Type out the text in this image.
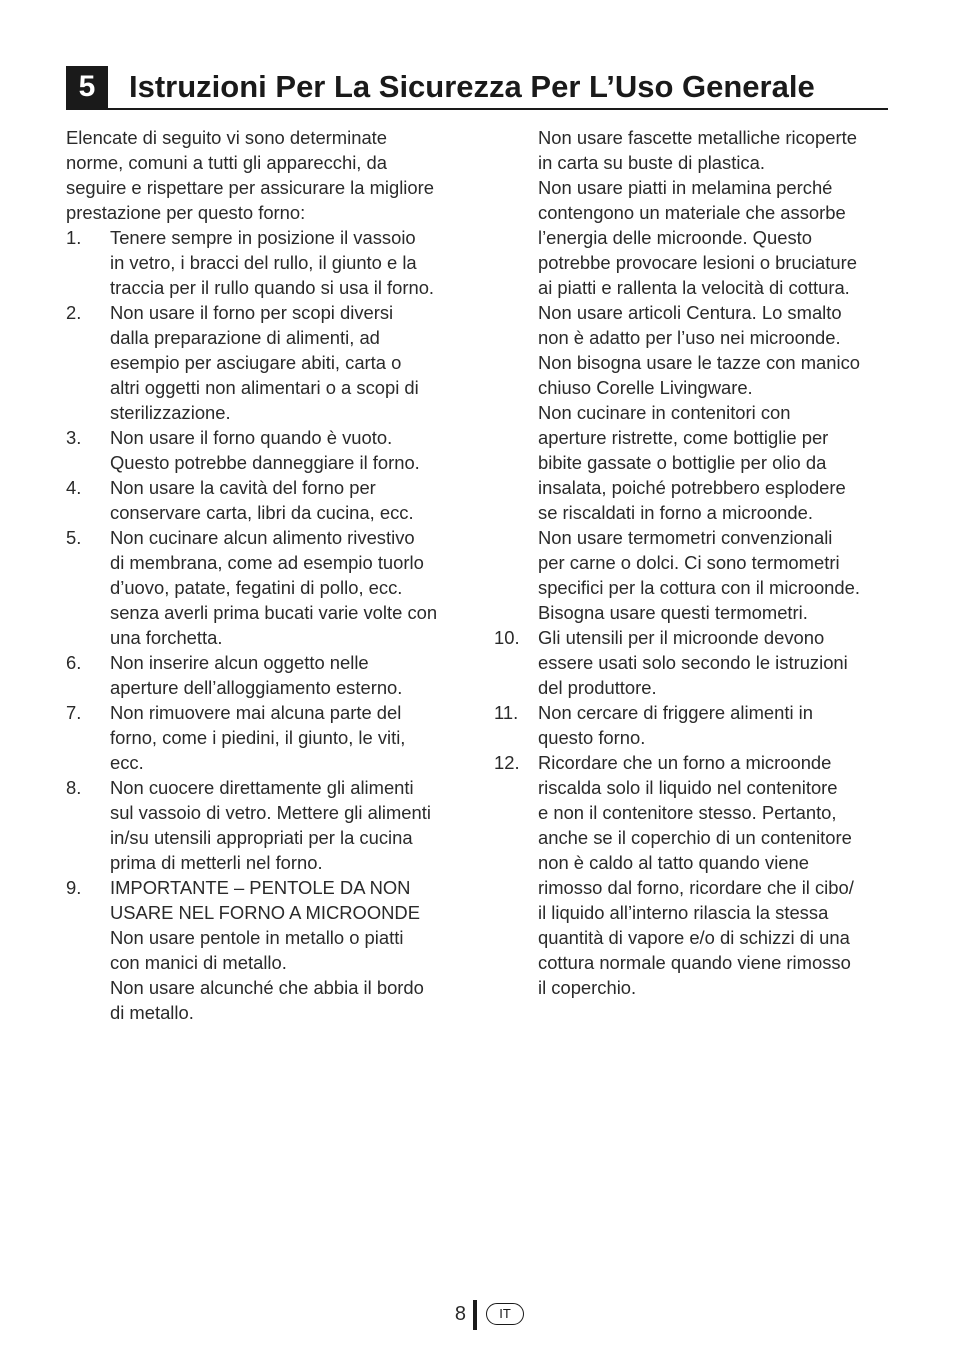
5	Istruzioni Per La Sicurezza Per L’Uso Generale
Elencate di seguito vi sono determinate
norme, comuni a tutti gli apparecchi, da
seguire e rispettare per assicurare la migliore
prestazione per questo forno:
1. Tenere sempre in posizione il vassoio
in vetro, i bracci del rullo, il giunto e la
traccia per il rullo quando si usa il forno.
2. Non usare il forno per scopi diversi
dalla preparazione di alimenti, ad
esempio per asciugare abiti, carta o
altri oggetti non alimentari o a scopi di
sterilizzazione.
3. Non usare il forno quando è vuoto.
Questo potrebbe danneggiare il forno.
4. Non usare la cavità del forno per
conservare carta, libri da cucina, ecc.
5. Non cucinare alcun alimento rivestivo
di membrana, come ad esempio tuorlo
d’uovo, patate, fegatini di pollo, ecc.
senza averli prima bucati varie volte con
una forchetta.
6. Non inserire alcun oggetto nelle
aperture dell’alloggiamento esterno.
7. Non rimuovere mai alcuna parte del
forno, come i piedini, il giunto, le viti,
ecc.
8. Non cuocere direttamente gli alimenti
sul vassoio di vetro. Mettere gli alimenti
in/su utensili appropriati per la cucina
prima di metterli nel forno.
9. IMPORTANTE – PENTOLE DA NON
USARE NEL FORNO A MICROONDE
Non usare pentole in metallo o piatti
con manici di metallo.
Non usare alcunché che abbia il bordo
di metallo.
Non usare fascette metalliche ricoperte
in carta su buste di plastica.
Non usare piatti in melamina perché
contengono un materiale che assorbe
l’energia delle microonde. Questo
potrebbe provocare lesioni o bruciature
ai piatti e rallenta la velocità di cottura.
Non usare articoli Centura. Lo smalto
non è adatto per l’uso nei microonde.
Non bisogna usare le tazze con manico
chiuso Corelle Livingware.
Non cucinare in contenitori con
aperture ristrette, come bottiglie per
bibite gassate o bottiglie per olio da
insalata, poiché potrebbero esplodere
se riscaldati in forno a microonde.
Non usare termometri convenzionali
per carne o dolci. Ci sono termometri
specifici per la cottura con il microonde.
Bisogna usare questi termometri.
10. Gli utensili per il microonde devono
essere usati solo secondo le istruzioni
del produttore.
11. Non cercare di friggere alimenti in
questo forno.
12. Ricordare che un forno a microonde
riscalda solo il liquido nel contenitore
e non il contenitore stesso. Pertanto,
anche se il coperchio di un contenitore
non è caldo al tatto quando viene
rimosso dal forno, ricordare che il cibo/
il liquido all’interno rilascia la stessa
quantità di vapore e/o di schizzi di una
cottura normale quando viene rimosso
il coperchio.
8	IT
